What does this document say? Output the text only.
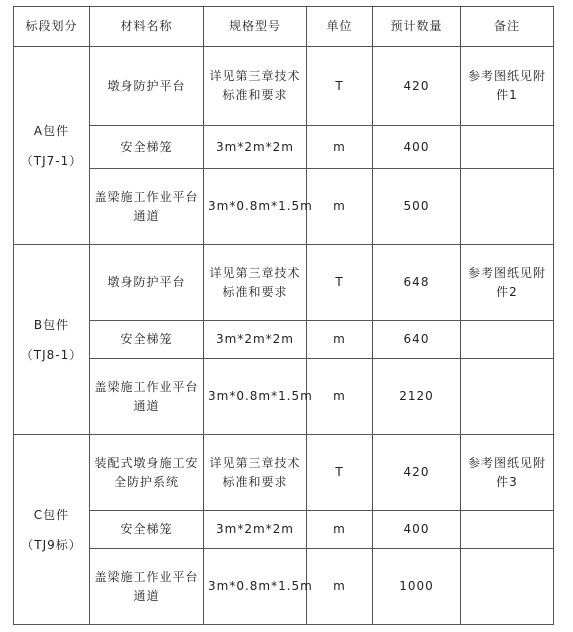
标段划分	材料名称	规格型号	单位	预计数量	备注

A包件
（TJ7-1）	墩身防护平台	详见第三章技术标准和要求	T	420	参考图纸见附件1
	安全梯笼	3m*2m*2m	m	400	
	盖梁施工作业平台通道	3m*0.8m*1.5m	m	500	

B包件
（TJ8-1）	墩身防护平台	详见第三章技术标准和要求	T	648	参考图纸见附件2
	安全梯笼	3m*2m*2m	m	640	
	盖梁施工作业平台通道	3m*0.8m*1.5m	m	2120	

C包件
（TJ9标）	装配式墩身施工安全防护系统	详见第三章技术标准和要求	T	420	参考图纸见附件3
	安全梯笼	3m*2m*2m	m	400	
	盖梁施工作业平台通道	3m*0.8m*1.5m	m	1000	
